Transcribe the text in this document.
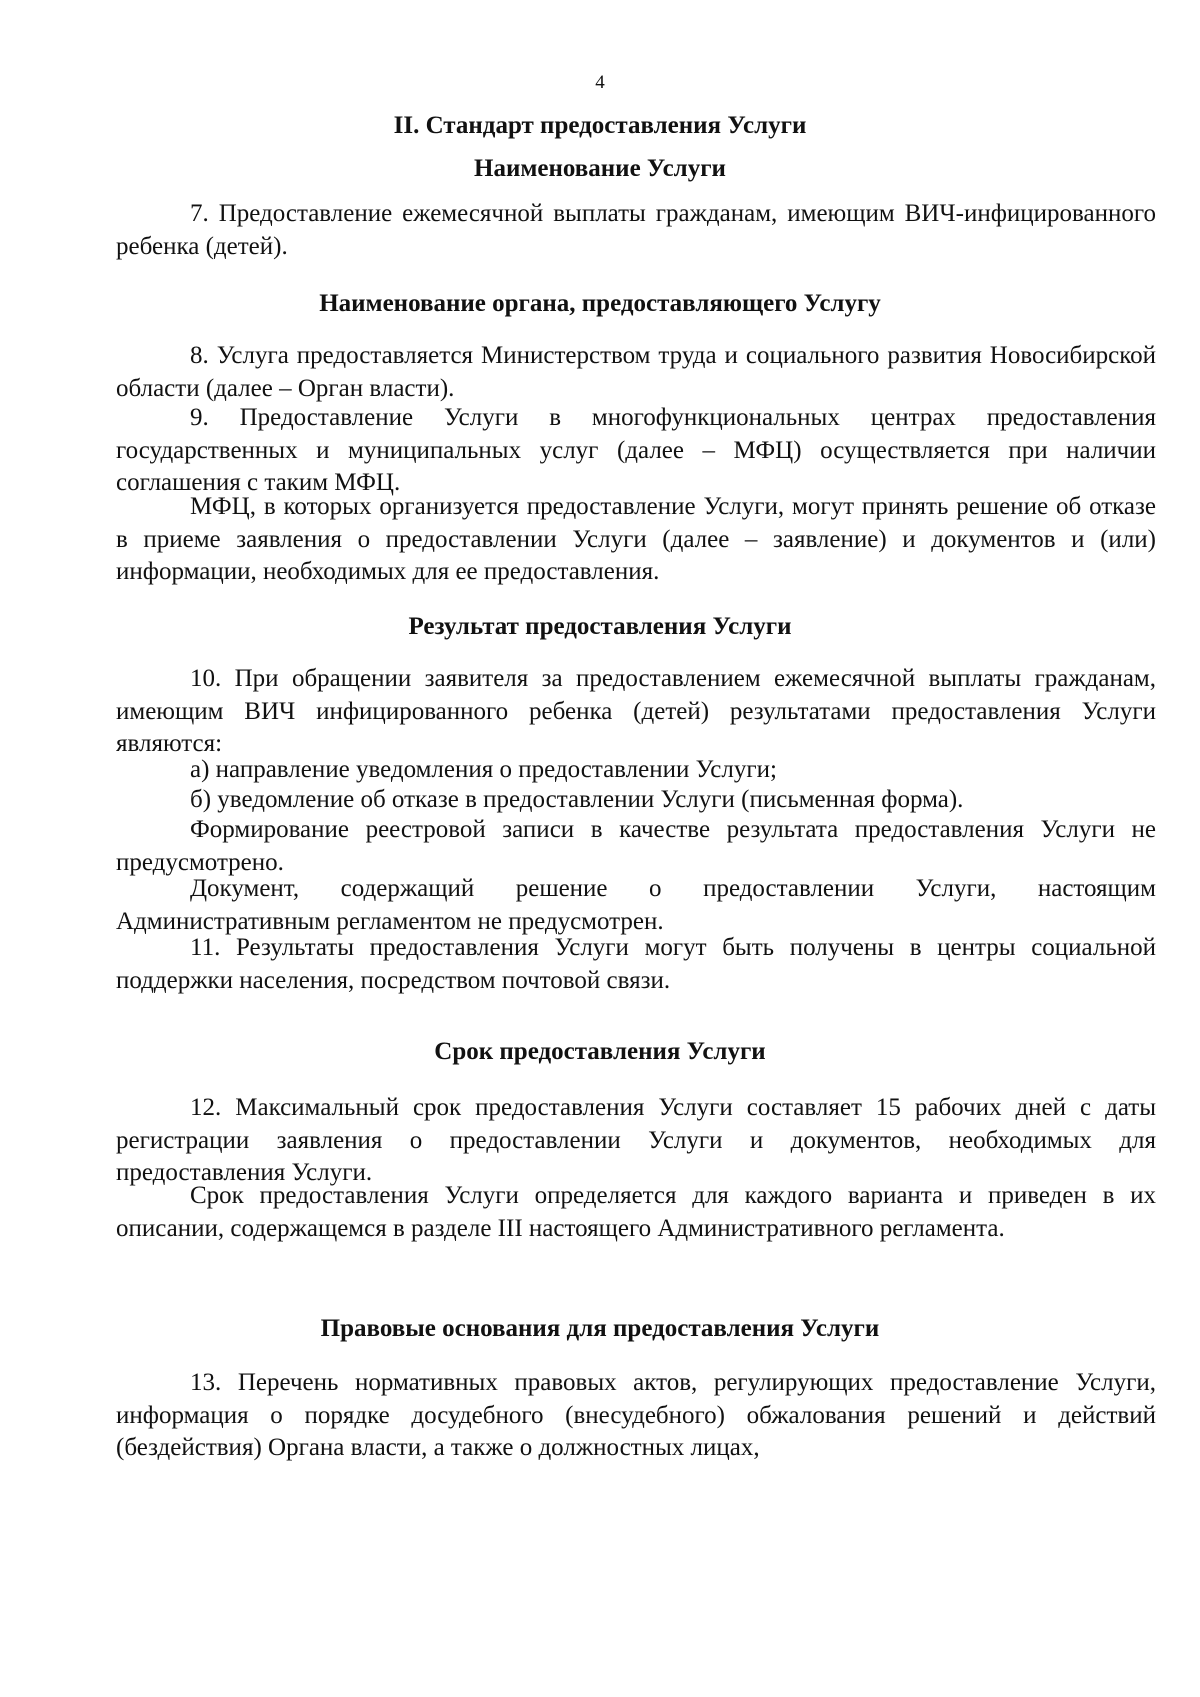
4
II. Стандарт предоставления Услуги
Наименование Услуги

7. Предоставление ежемесячной выплаты гражданам, имеющим ВИЧ-инфицированного ребенка (детей).

Наименование органа, предоставляющего Услугу

8. Услуга предоставляется Министерством труда и социального развития Новосибирской области (далее – Орган власти).

9. Предоставление Услуги в многофункциональных центрах предоставления государственных и муниципальных услуг (далее – МФЦ) осуществляется при наличии соглашения с таким МФЦ.

МФЦ, в которых организуется предоставление Услуги, могут принять решение об отказе в приеме заявления о предоставлении Услуги (далее – заявление) и документов и (или) информации, необходимых для ее предоставления.

Результат предоставления Услуги

10. При обращении заявителя за предоставлением ежемесячной выплаты гражданам, имеющим ВИЧ инфицированного ребенка (детей) результатами предоставления Услуги являются:

а) направление уведомления о предоставлении Услуги;

б) уведомление об отказе в предоставлении Услуги (письменная форма).

Формирование реестровой записи в качестве результата предоставления Услуги не предусмотрено.

Документ, содержащий решение о предоставлении Услуги, настоящим Административным регламентом не предусмотрен.

11. Результаты предоставления Услуги могут быть получены в центры социальной поддержки населения, посредством почтовой связи.

Срок предоставления Услуги

12. Максимальный срок предоставления Услуги составляет 15 рабочих дней с даты регистрации заявления о предоставлении Услуги и документов, необходимых для предоставления Услуги.

Срок предоставления Услуги определяется для каждого варианта и приведен в их описании, содержащемся в разделе III настоящего Административного регламента.

Правовые основания для предоставления Услуги

13. Перечень нормативных правовых актов, регулирующих предоставление Услуги, информация о порядке досудебного (внесудебного) обжалования решений и действий (бездействия) Органа власти, а также о должностных лицах,
